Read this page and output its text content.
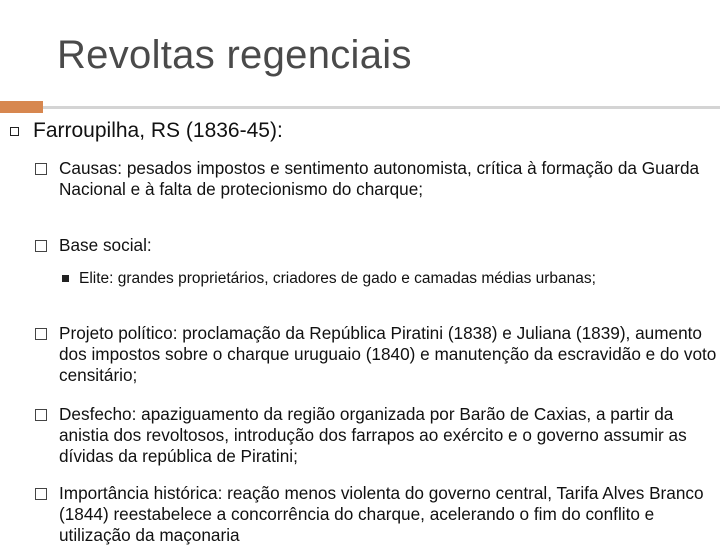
Revoltas regenciais
Farroupilha, RS (1836-45):
Causas: pesados impostos e sentimento autonomista, crítica à formação da Guarda Nacional e à falta de protecionismo do charque;
Base social:
Elite: grandes proprietários, criadores de gado e camadas médias urbanas;
Projeto político: proclamação da República Piratini (1838) e Juliana (1839), aumento dos impostos sobre o charque uruguaio (1840) e manutenção da escravidão e do voto censitário;
Desfecho: apaziguamento da região organizada por Barão de Caxias, a partir da anistia dos revoltosos, introdução dos farrapos ao exército e o governo assumir as dívidas da república de Piratini;
Importância histórica: reação menos violenta do governo central, Tarifa Alves Branco (1844) reestabelece a concorrência do charque, acelerando o fim do conflito e utilização da maçonaria
